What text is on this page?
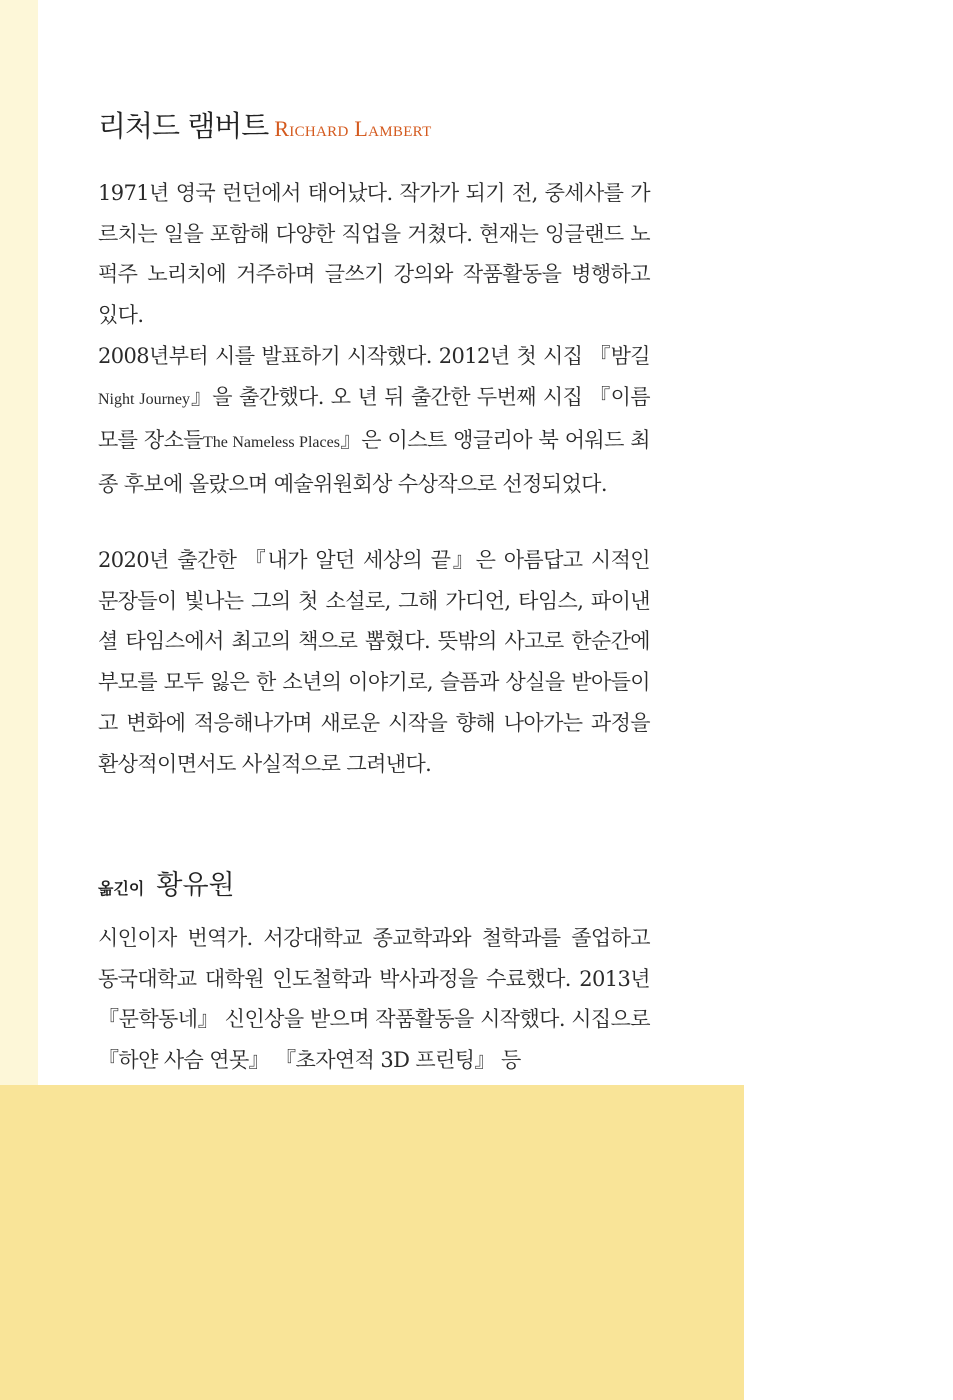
리처드 램버트 Richard Lambert
1971년 영국 런던에서 태어났다. 작가가 되기 전, 중세사를 가르치는 일을 포함해 다양한 직업을 거쳤다. 현재는 잉글랜드 노퍽주 노리치에 거주하며 글쓰기 강의와 작품활동을 병행하고 있다.
2008년부터 시를 발표하기 시작했다. 2012년 첫 시집 『밤길Night Journey』을 출간했다. 오 년 뒤 출간한 두번째 시집 『이름 모를 장소들The Nameless Places』은 이스트 앵글리아 북 어워드 최종 후보에 올랐으며 예술위원회상 수상작으로 선정되었다.
2020년 출간한 『내가 알던 세상의 끝』은 아름답고 시적인 문장들이 빛나는 그의 첫 소설로, 그해 가디언, 타임스, 파이낸셜 타임스에서 최고의 책으로 뽑혔다. 뜻밖의 사고로 한순간에 부모를 모두 잃은 한 소년의 이야기로, 슬픔과 상실을 받아들이고 변화에 적응해나가며 새로운 시작을 향해 나아가는 과정을 환상적이면서도 사실적으로 그려낸다.
옮긴이 황유원
시인이자 번역가. 서강대학교 종교학과와 철학과를 졸업하고 동국대학교 대학원 인도철학과 박사과정을 수료했다. 2013년 『문학동네』 신인상을 받으며 작품활동을 시작했다. 시집으로 『하얀 사슴 연못』 『초자연적 3D 프린팅』 등
